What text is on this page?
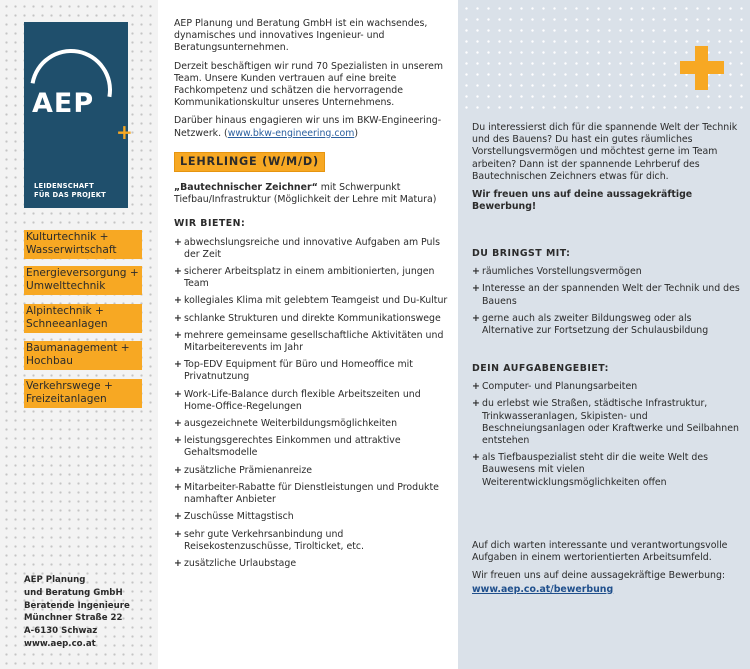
AEP
+
LEIDENSCHAFT
FÜR DAS PROJEKT
Kulturtechnik +
Wasserwirtschaft
Energieversorgung +
Umwelttechnik
Alpintechnik +
Schneeanlagen
Baumanagement +
Hochbau
Verkehrswege +
Freizeitanlagen
AEP Planung
und Beratung GmbH
Beratende Ingenieure
Münchner Straße 22
A-6130 Schwaz
www.aep.co.at

AEP Planung und Beratung GmbH ist ein wachsendes, dynamisches und innovatives Ingenieur- und Beratungsunternehmen.

Derzeit beschäftigen wir rund 70 Spezialisten in unserem Team. Unsere Kunden vertrauen auf eine breite Fachkompetenz und schätzen die hervorragende Kommunikationskultur unseres Unternehmens.

Darüber hinaus engagieren wir uns im BKW-Engineering-Netzwerk. (www.bkw-engineering.com)

LEHRLINGE (W/M/D)

„Bautechnischer Zeichner“ mit Schwerpunkt Tiefbau/Infrastruktur (Möglichkeit der Lehre mit Matura)

WIR BIETEN:
+ abwechslungsreiche und innovative Aufgaben am Puls der Zeit
+ sicherer Arbeitsplatz in einem ambitionierten, jungen Team
+ kollegiales Klima mit gelebtem Teamgeist und Du-Kultur
+ schlanke Strukturen und direkte Kommunikationswege
+ mehrere gemeinsame gesellschaftliche Aktivitäten und Mitarbeiterevents im Jahr
+ Top-EDV Equipment für Büro und Homeoffice mit Privatnutzung
+ Work-Life-Balance durch flexible Arbeitszeiten und Home-Office-Regelungen
+ ausgezeichnete Weiterbildungsmöglichkeiten
+ leistungsgerechtes Einkommen und attraktive Gehaltsmodelle
+ zusätzliche Prämienanreize
+ Mitarbeiter-Rabatte für Dienstleistungen und Produkte namhafter Anbieter
+ Zuschüsse Mittagstisch
+ sehr gute Verkehrsanbindung und Reisekostenzuschüsse, Tirolticket, etc.
+ zusätzliche Urlaubstage

Du interessierst dich für die spannende Welt der Technik und des Bauens? Du hast ein gutes räumliches Vorstellungsvermögen und möchtest gerne im Team arbeiten? Dann ist der spannende Lehrberuf des Bautechnischen Zeichners etwas für dich.

Wir freuen uns auf deine aussagekräftige Bewerbung!

DU BRINGST MIT:
+ räumliches Vorstellungsvermögen
+ Interesse an der spannenden Welt der Technik und des Bauens
+ gerne auch als zweiter Bildungsweg oder als Alternative zur Fortsetzung der Schulausbildung
DEIN AUFGABENGEBIET:
+ Computer- und Planungsarbeiten
+ du erlebst wie Straßen, städtische Infrastruktur, Trinkwasseranlagen, Skipisten- und Beschneiungsanlagen oder Kraftwerke und Seilbahnen entstehen
+ als Tiefbauspezialist steht dir die weite Welt des Bauwesens mit vielen Weiterentwicklungsmöglichkeiten offen

Auf dich warten interessante und verantwortungsvolle Aufgaben in einem wertorientierten Arbeitsumfeld.

Wir freuen uns auf deine aussagekräftige Bewerbung:

www.aep.co.at/bewerbung
